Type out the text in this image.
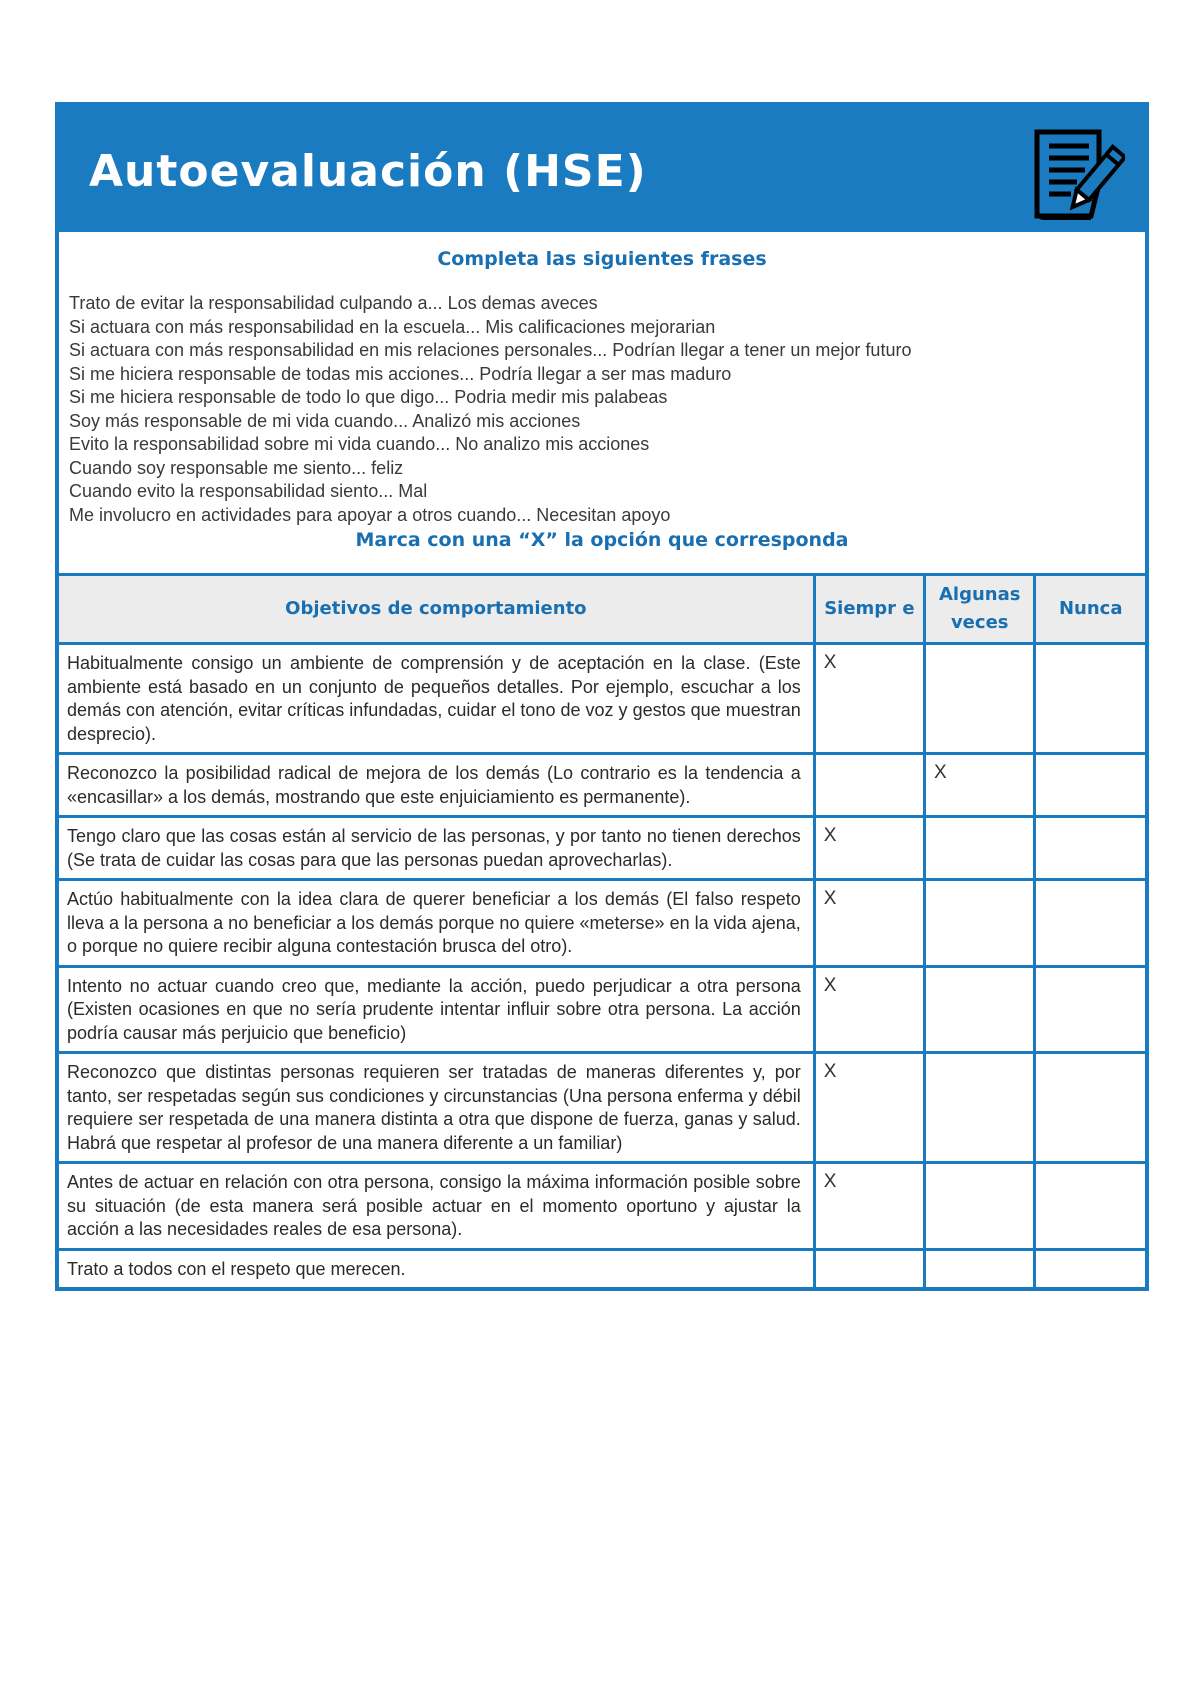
Autoevaluación (HSE)

Completa las siguientes frases

Trato de evitar la responsabilidad culpando a... Los demas aveces

Si actuara con más responsabilidad en la escuela... Mis calificaciones mejorarian

Si actuara con más responsabilidad en mis relaciones personales... Podrían llegar a tener un mejor futuro

Si me hiciera responsable de todas mis acciones... Podría llegar a ser mas maduro

Si me hiciera responsable de todo lo que digo... Podria medir mis palabeas

Soy más responsable de mi vida cuando... Analizó mis acciones

Evito la responsabilidad sobre mi vida cuando... No analizo mis acciones

Cuando soy responsable me siento... feliz

Cuando evito la responsabilidad siento... Mal

Me involucro en actividades para apoyar a otros cuando... Necesitan apoyo

Marca con una “X” la opción que corresponda

Objetivos de comportamiento	Siempr e	Algunas veces	Nunca
Habitualmente consigo un ambiente de comprensión y de aceptación en la clase. (Este ambiente está basado en un conjunto de pequeños detalles. Por ejemplo, escuchar a los demás con atención, evitar críticas infundadas, cuidar el tono de voz y gestos que muestran desprecio).	X		
Reconozco la posibilidad radical de mejora de los demás (Lo contrario es la tendencia a «encasillar» a los demás, mostrando que este enjuiciamiento es permanente).		X	
Tengo claro que las cosas están al servicio de las personas, y por tanto no tienen derechos (Se trata de cuidar las cosas para que las personas puedan aprovecharlas).	X		
Actúo habitualmente con la idea clara de querer beneficiar a los demás (El falso respeto lleva a la persona a no beneficiar a los demás porque no quiere «meterse» en la vida ajena, o porque no quiere recibir alguna contestación brusca del otro).	X		
Intento no actuar cuando creo que, mediante la acción, puedo perjudicar a otra persona (Existen ocasiones en que no sería prudente intentar influir sobre otra persona. La acción podría causar más perjuicio que beneficio)	X		
Reconozco que distintas personas requieren ser tratadas de maneras diferentes y, por tanto, ser respetadas según sus condiciones y circunstancias (Una persona enferma y débil requiere ser respetada de una manera distinta a otra que dispone de fuerza, ganas y salud. Habrá que respetar al profesor de una manera diferente a un familiar)	X		
Antes de actuar en relación con otra persona, consigo la máxima información posible sobre su situación (de esta manera será posible actuar en el momento oportuno y ajustar la acción a las necesidades reales de esa persona).	X		
Trato a todos con el respeto que merecen.			
